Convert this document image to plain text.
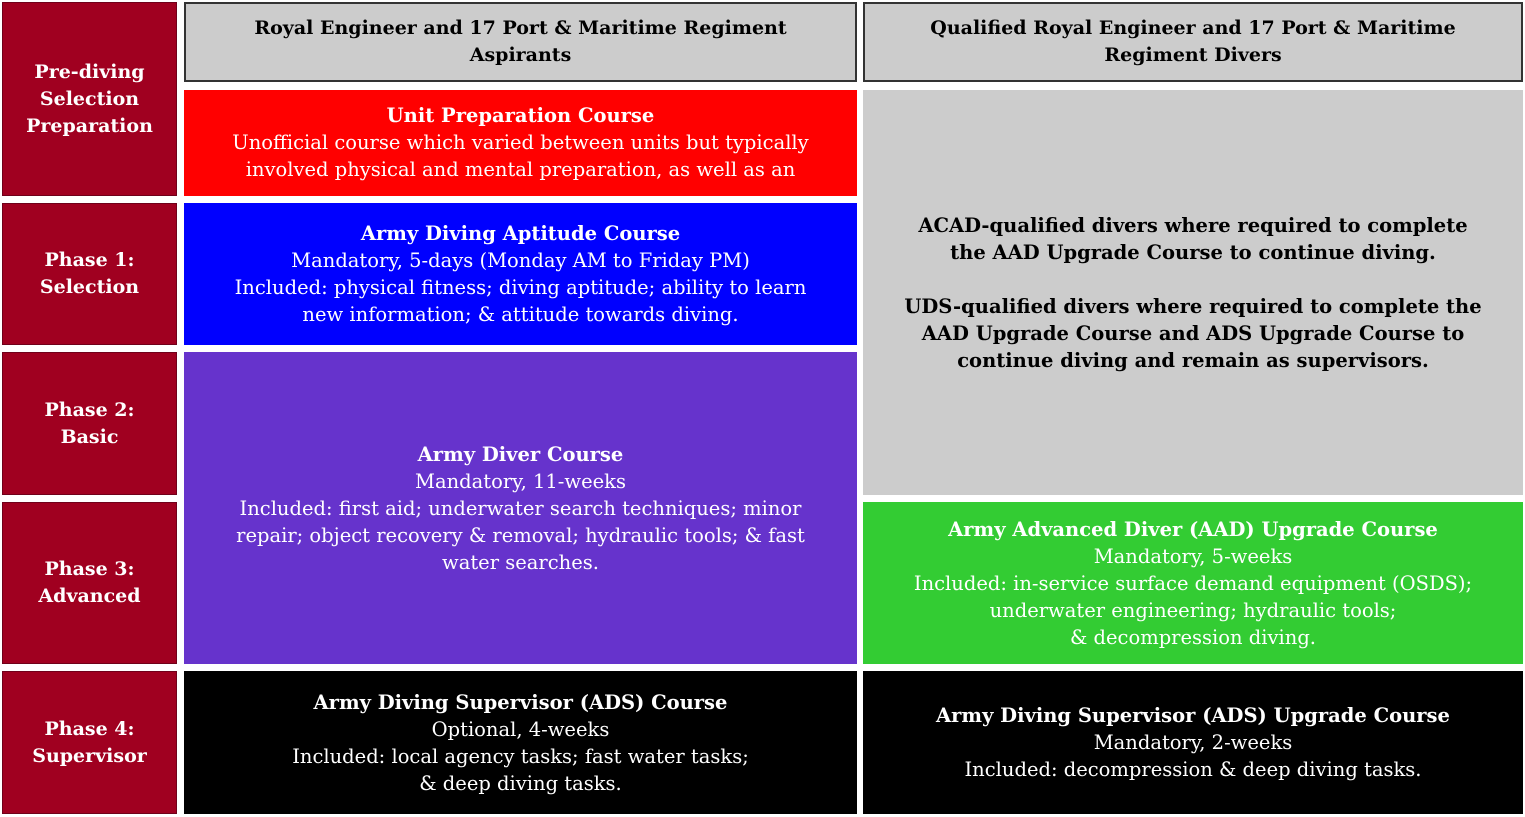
Pre-diving
Selection
Preparation
Phase 1:
Selection
Phase 2:
Basic
Phase 3:
Advanced
Phase 4:
Supervisor
Royal Engineer and 17 Port & Maritime Regiment
Aspirants
Qualified Royal Engineer and 17 Port & Maritime
Regiment Divers
Unit Preparation Course
Unofficial course which varied between units but typically
involved physical and mental preparation, as well as an
Army Diving Aptitude Course
Mandatory, 5-days (Monday AM to Friday PM)
Included: physical fitness; diving aptitude; ability to learn
new information; & attitude towards diving.
Army Diver Course
Mandatory, 11-weeks
Included: first aid; underwater search techniques; minor
repair; object recovery & removal; hydraulic tools; & fast
water searches.
Army Diving Supervisor (ADS) Course
Optional, 4-weeks
Included: local agency tasks; fast water tasks;
& deep diving tasks.
ACAD-qualified divers where required to complete
the AAD Upgrade Course to continue diving.
UDS-qualified divers where required to complete the
AAD Upgrade Course and ADS Upgrade Course to
continue diving and remain as supervisors.
Army Advanced Diver (AAD) Upgrade Course
Mandatory, 5-weeks
Included: in-service surface demand equipment (OSDS);
underwater engineering; hydraulic tools;
& decompression diving.
Army Diving Supervisor (ADS) Upgrade Course
Mandatory, 2-weeks
Included: decompression & deep diving tasks.
